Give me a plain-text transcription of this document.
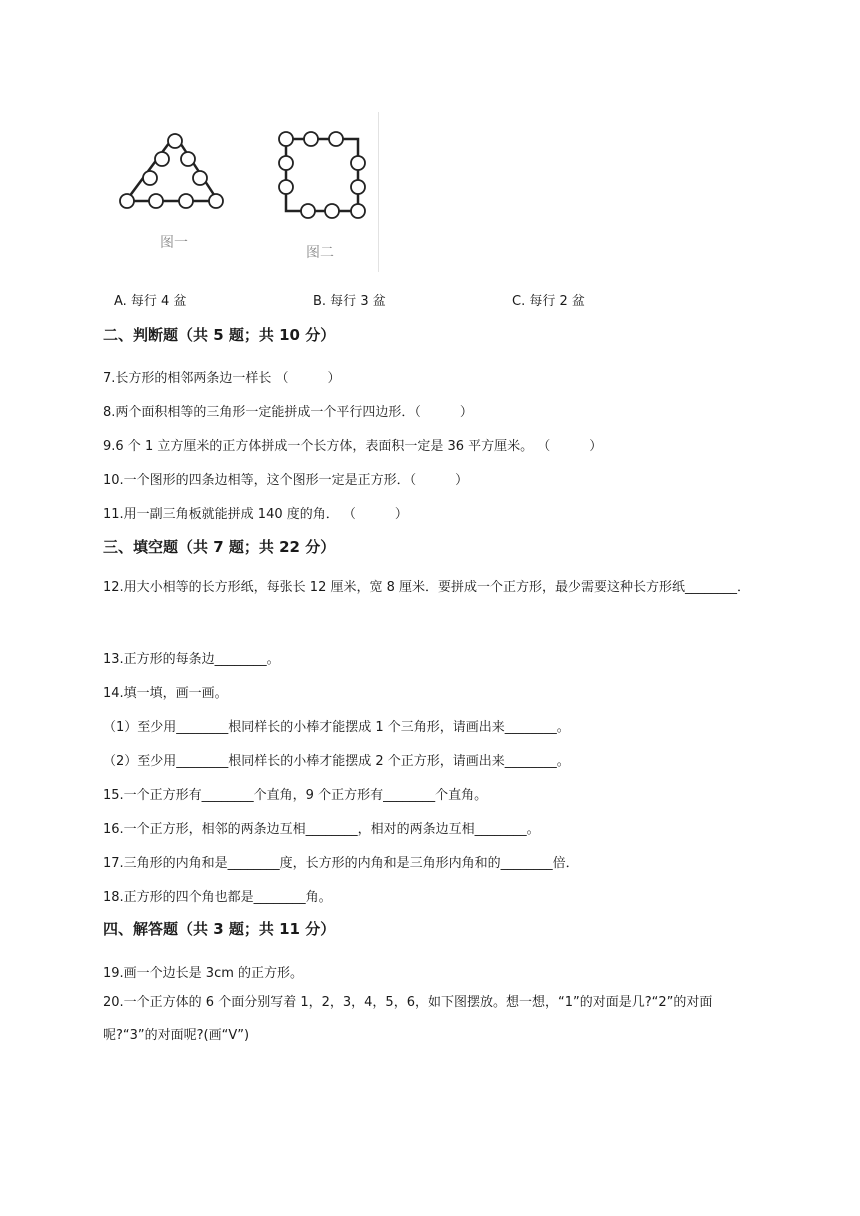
图一
图二
A. 每行 4 盆	B. 每行 3 盆	C. 每行 2 盆
二、判断题（共 5 题；共 10 分）
7.长方形的相邻两条边一样长 （　　　）
8.两个面积相等的三角形一定能拼成一个平行四边形．（　　　）
9.6 个 1 立方厘米的正方体拼成一个长方体，表面积一定是 36 平方厘米。 （　　　）
10.一个图形的四条边相等，这个图形一定是正方形．（　　　）
11.用一副三角板就能拼成 140 度的角． （　　　）
三、填空题（共 7 题；共 22 分）
12.用大小相等的长方形纸，每张长 12 厘米，宽 8 厘米．要拼成一个正方形，最少需要这种长方形纸________．
13.正方形的每条边________。
14.填一填，画一画。
（1）至少用________根同样长的小棒才能摆成 1 个三角形，请画出来________。
（2）至少用________根同样长的小棒才能摆成 2 个正方形，请画出来________。
15.一个正方形有________个直角，9 个正方形有________个直角。
16.一个正方形，相邻的两条边互相________，相对的两条边互相________。
17.三角形的内角和是________度，长方形的内角和是三角形内角和的________倍．
18.正方形的四个角也都是________角。
四、解答题（共 3 题；共 11 分）
19.画一个边长是 3cm 的正方形。
20.一个正方体的 6 个面分别写着 1，2，3，4，5，6，如下图摆放。想一想，“1”的对面是几?“2”的对面呢?“3”的对面呢?(画“V”)
